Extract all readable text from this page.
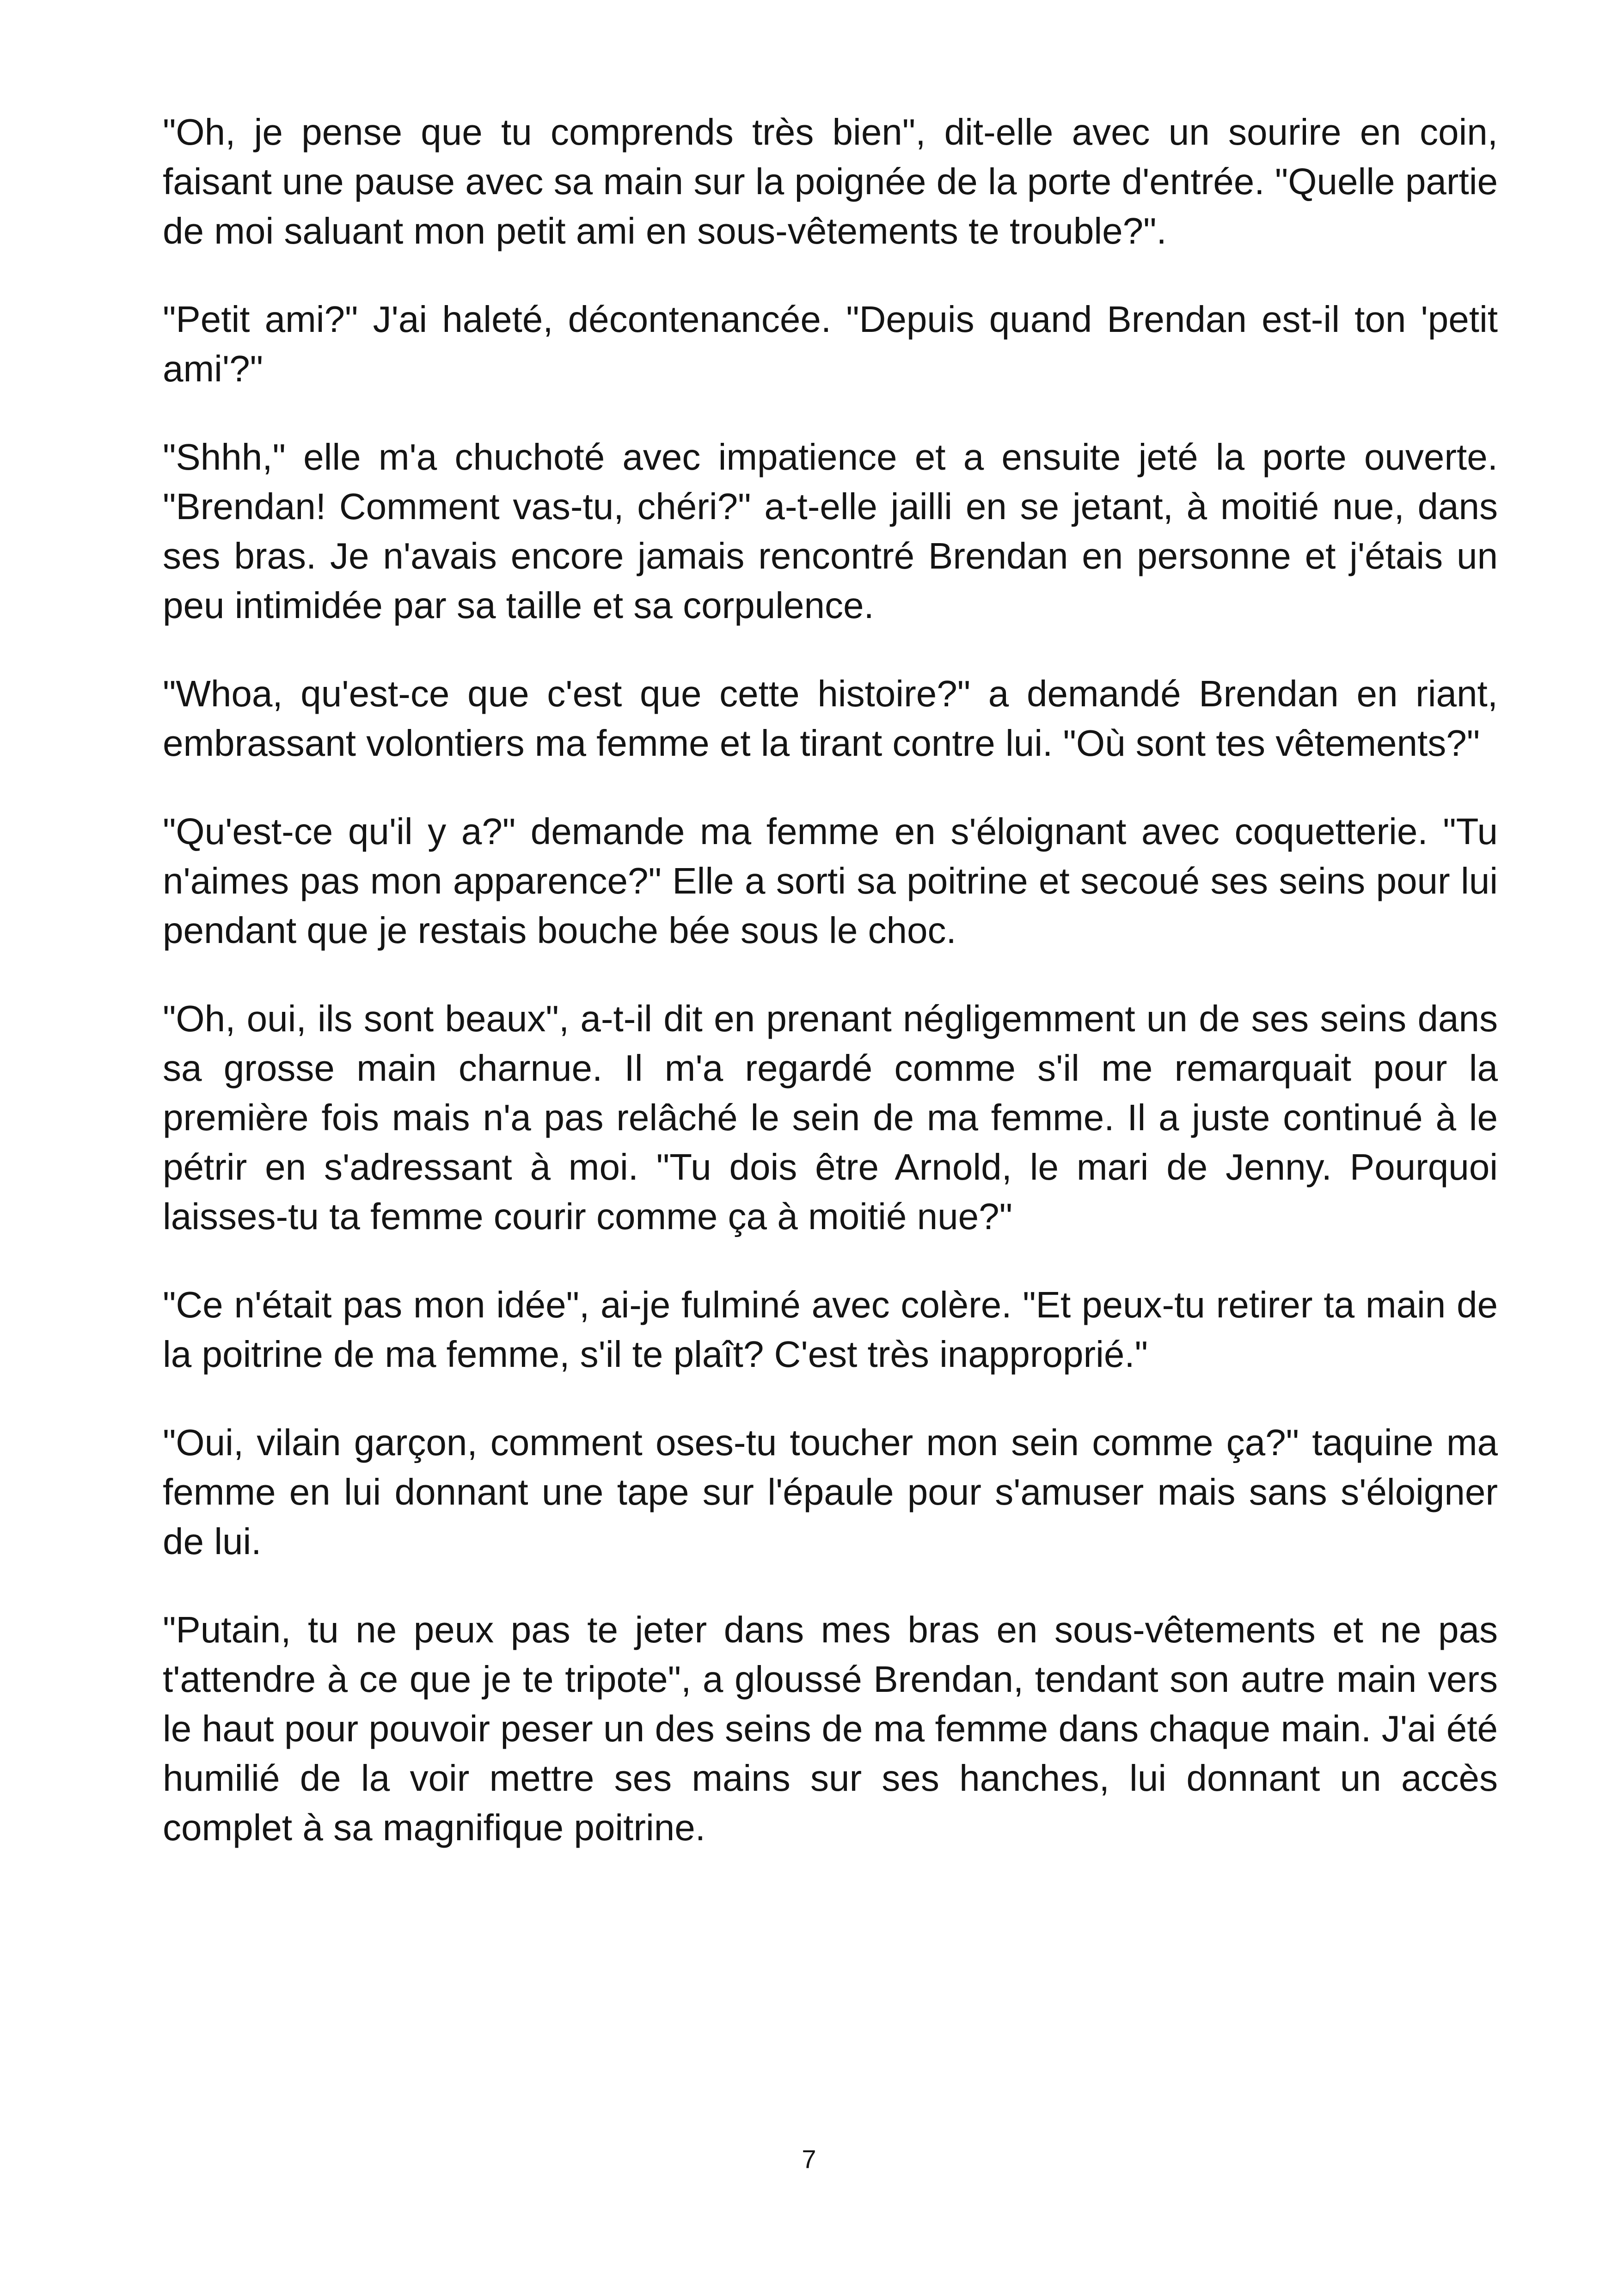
"Oh, je pense que tu comprends très bien", dit-elle avec un sourire en coin, faisant une pause avec sa main sur la poignée de la porte d'entrée. "Quelle partie de moi saluant mon petit ami en sous-vêtements te trouble?".

"Petit ami?" J'ai haleté, décontenancée. "Depuis quand Brendan est-il ton 'petit ami'?"

"Shhh," elle m'a chuchoté avec impatience et a ensuite jeté la porte ouverte. "Brendan! Comment vas-tu, chéri?" a-t-elle jailli en se jetant, à moitié nue, dans ses bras. Je n'avais encore jamais rencontré Brendan en personne et j'étais un peu intimidée par sa taille et sa corpulence.

"Whoa, qu'est-ce que c'est que cette histoire?" a demandé Brendan en riant, embrassant volontiers ma femme et la tirant contre lui. "Où sont tes vêtements?"

"Qu'est-ce qu'il y a?" demande ma femme en s'éloignant avec coquetterie. "Tu n'aimes pas mon apparence?" Elle a sorti sa poitrine et secoué ses seins pour lui pendant que je restais bouche bée sous le choc.

"Oh, oui, ils sont beaux", a-t-il dit en prenant négligemment un de ses seins dans sa grosse main charnue. Il m'a regardé comme s'il me remarquait pour la première fois mais n'a pas relâché le sein de ma femme. Il a juste continué à le pétrir en s'adressant à moi. "Tu dois être Arnold, le mari de Jenny. Pourquoi laisses-tu ta femme courir comme ça à moitié nue?"

"Ce n'était pas mon idée", ai-je fulminé avec colère. "Et peux-tu retirer ta main de la poitrine de ma femme, s'il te plaît? C'est très inapproprié."

"Oui, vilain garçon, comment oses-tu toucher mon sein comme ça?" taquine ma femme en lui donnant une tape sur l'épaule pour s'amuser mais sans s'éloigner de lui.

"Putain, tu ne peux pas te jeter dans mes bras en sous-vêtements et ne pas t'attendre à ce que je te tripote", a gloussé Brendan, tendant son autre main vers le haut pour pouvoir peser un des seins de ma femme dans chaque main. J'ai été humilié de la voir mettre ses mains sur ses hanches, lui donnant un accès complet à sa magnifique poitrine.

7
